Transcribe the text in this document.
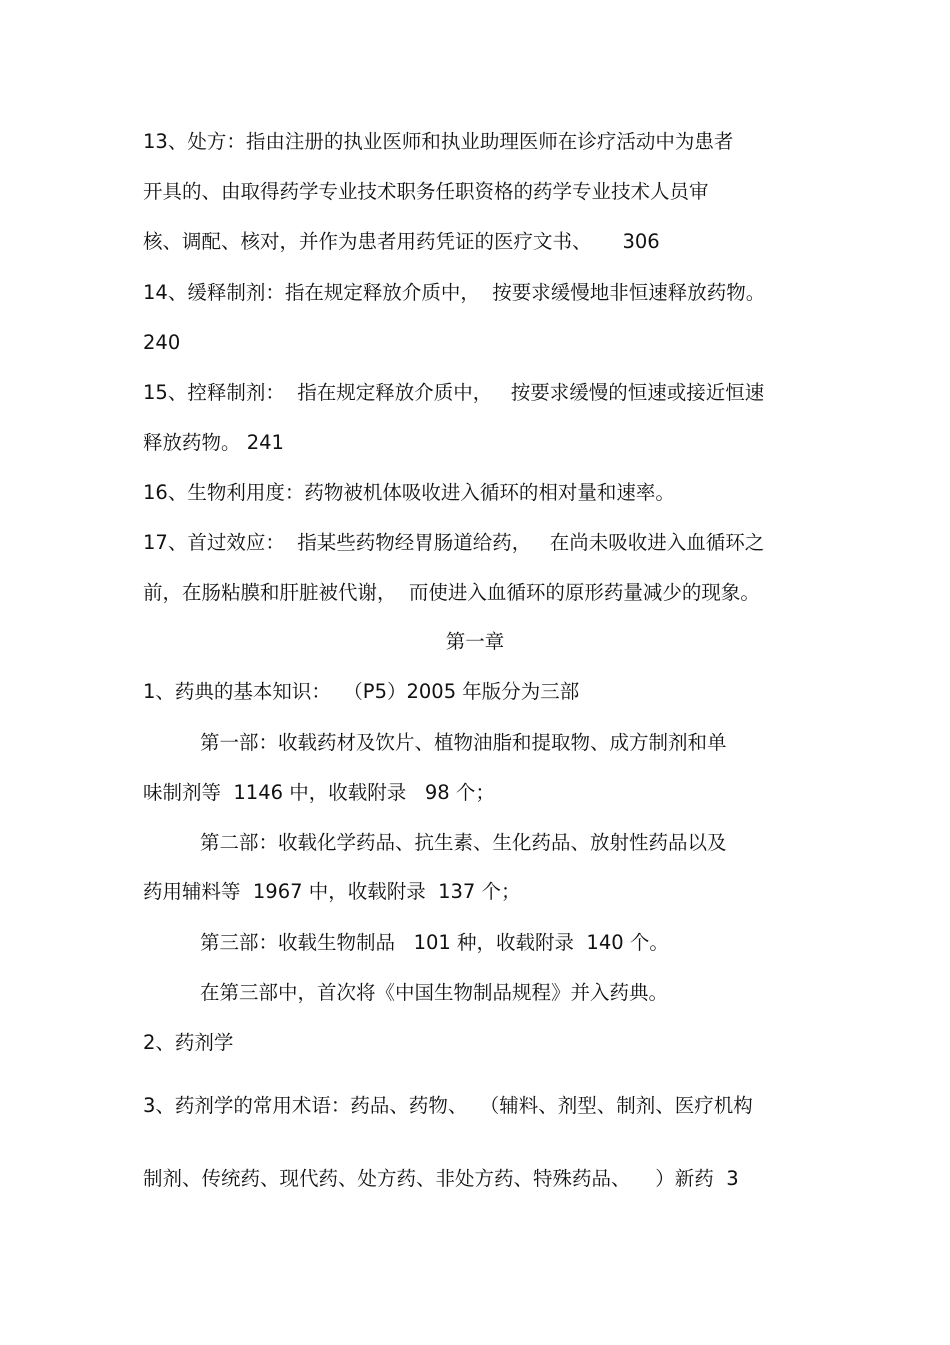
13、处方：指由注册的执业医师和执业助理医师在诊疗活动中为患者

开具的、由取得药学专业技术职务任职资格的药学专业技术人员审

核、调配、核对，并作为患者用药凭证的医疗文书、     306

14、缓释制剂：指在规定释放介质中，  按要求缓慢地非恒速释放药物。

240

15、控释制剂：  指在规定释放介质中，   按要求缓慢的恒速或接近恒速

释放药物。 241

16、生物利用度：药物被机体吸收进入循环的相对量和速率。

17、首过效应：  指某些药物经胃肠道给药，   在尚未吸收进入血循环之

前，在肠粘膜和肝脏被代谢，  而使进入血循环的原形药量减少的现象。

第一章

1、药典的基本知识：  （P5）2005 年版分为三部

第一部：收载药材及饮片、植物油脂和提取物、成方制剂和单

味制剂等  1146 中，收载附录   98 个；

第二部：收载化学药品、抗生素、生化药品、放射性药品以及

药用辅料等  1967 中，收载附录  137 个；

第三部：收载生物制品   101 种，收载附录  140 个。

在第三部中，首次将《中国生物制品规程》并入药典。

2、药剂学

3、药剂学的常用术语：药品、药物、  （辅料、剂型、制剂、医疗机构

制剂、传统药、现代药、处方药、非处方药、特殊药品、    ）新药  3
